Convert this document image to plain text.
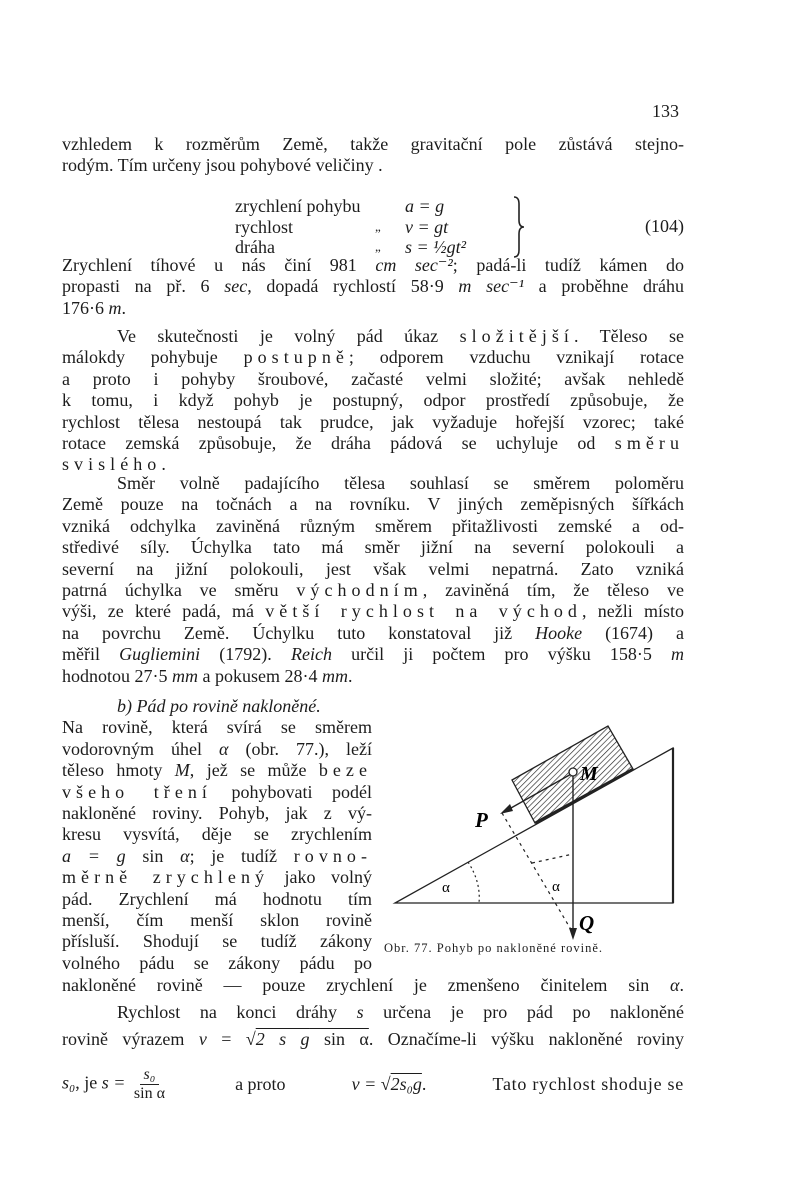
133
vzhledem k rozměrům Země, takže gravitační pole zůstává stejno-
rodým. Tím určeny jsou pohybové veličiny .
zrychlení pohybu a = g
rychlost	„ v = gt
dráha	„ s = ½gt²
(104)
Zrychlení tíhové u nás činí 981 cm sec⁻²; padá-li tudíž kámen do
propasti na př. 6 sec, dopadá rychlostí 58·9 m sec⁻¹ a proběhne dráhu
176·6 m.
Ve skutečnosti je volný pád úkaz složitější. Těleso se
málokdy pohybuje postupně; odporem vzduchu vznikají rotace
a proto i pohyby šroubové, začasté velmi složité; avšak nehledě
k tomu, i když pohyb je postupný, odpor prostředí způsobuje, že
rychlost tělesa nestoupá tak prudce, jak vyžaduje hořejší vzorec; také
rotace zemská způsobuje, že dráha pádová se uchyluje od směru
svislého.
Směr volně padajícího tělesa souhlasí se směrem poloměru
Země pouze na točnách a na rovníku. V jiných zeměpisných šířkách
vzniká odchylka zaviněná různým směrem přitažlivosti zemské a od-
středivé síly. Úchylka tato má směr jižní na severní polokouli a
severní na jižní polokouli, jest však velmi nepatrná. Zato vzniká
patrná úchylka ve směru východním, zaviněná tím, že těleso ve
výši, ze které padá, má větší rychlost na východ, nežli místo
na povrchu Země. Úchylku tuto konstatoval již Hooke (1674) a
měřil Gugliemini (1792). Reich určil ji počtem pro výšku 158·5 m
hodnotou 27·5 mm a pokusem 28·4 mm.
b) Pád po rovině nakloněné.
Na rovině, která svírá se směrem
vodorovným úhel α (obr. 77.), leží
těleso hmoty M, jež se může beze
všeho tření pohybovati podél
nakloněné roviny. Pohyb, jak z vý-
kresu vysvítá, děje se zrychlením
a = g sin α; je tudíž rovno-
měrně zrychlený jako volný
pád. Zrychlení má hodnotu tím
menší, čím menší sklon rovině
přísluší. Shodují se tudíž zákony
volného pádu se zákony pádu po
nakloněné rovině — pouze zrychlení je zmenšeno činitelem sin α.
Rychlost na konci dráhy s určena je pro pád po nakloněné
rovině výrazem v = √2 s g sin α. Označíme-li výšku nakloněné roviny
s₀, je $s = \frac{\text{s₀}}{\text{sin α}}$	a proto	v = √2s₀g.	Tato rychlost shoduje se
M
P
Q
α	α
Obr. 77. Pohyb po nakloněné rovině.
